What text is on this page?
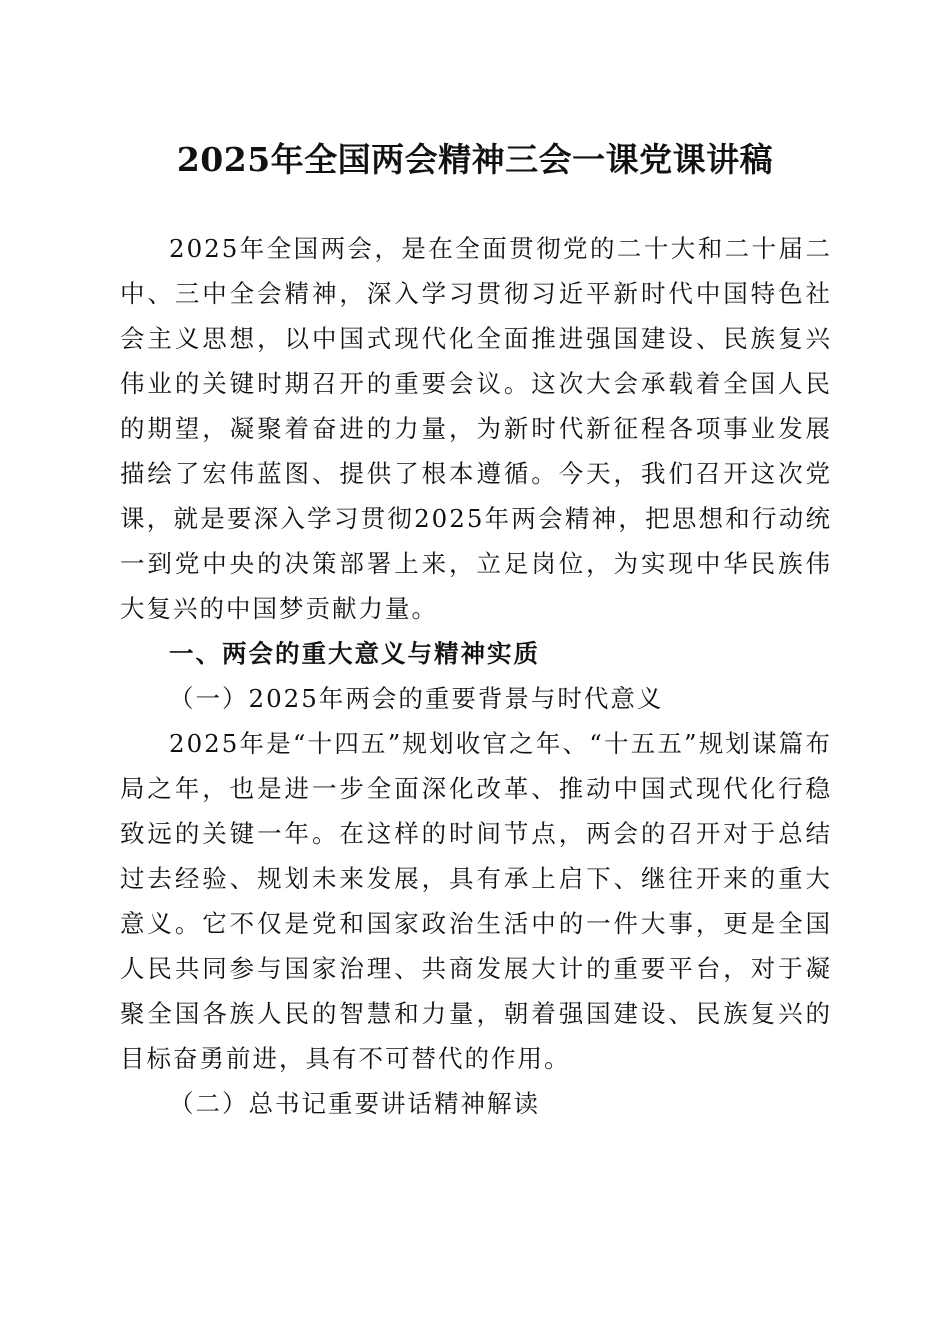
2025年全国两会精神三会一课党课讲稿

2025年全国两会，是在全面贯彻党的二十大和二十届二中、三中全会精神，深入学习贯彻习近平新时代中国特色社会主义思想，以中国式现代化全面推进强国建设、民族复兴伟业的关键时期召开的重要会议。这次大会承载着全国人民的期望，凝聚着奋进的力量，为新时代新征程各项事业发展描绘了宏伟蓝图、提供了根本遵循。今天，我们召开这次党课，就是要深入学习贯彻2025年两会精神，把思想和行动统一到党中央的决策部署上来，立足岗位，为实现中华民族伟大复兴的中国梦贡献力量。

一、两会的重大意义与精神实质

（一）2025年两会的重要背景与时代意义

2025年是“十四五”规划收官之年、“十五五”规划谋篇布局之年，也是进一步全面深化改革、推动中国式现代化行稳致远的关键一年。在这样的时间节点，两会的召开对于总结过去经验、规划未来发展，具有承上启下、继往开来的重大意义。它不仅是党和国家政治生活中的一件大事，更是全国人民共同参与国家治理、共商发展大计的重要平台，对于凝聚全国各族人民的智慧和力量，朝着强国建设、民族复兴的目标奋勇前进，具有不可替代的作用。

（二）总书记重要讲话精神解读
